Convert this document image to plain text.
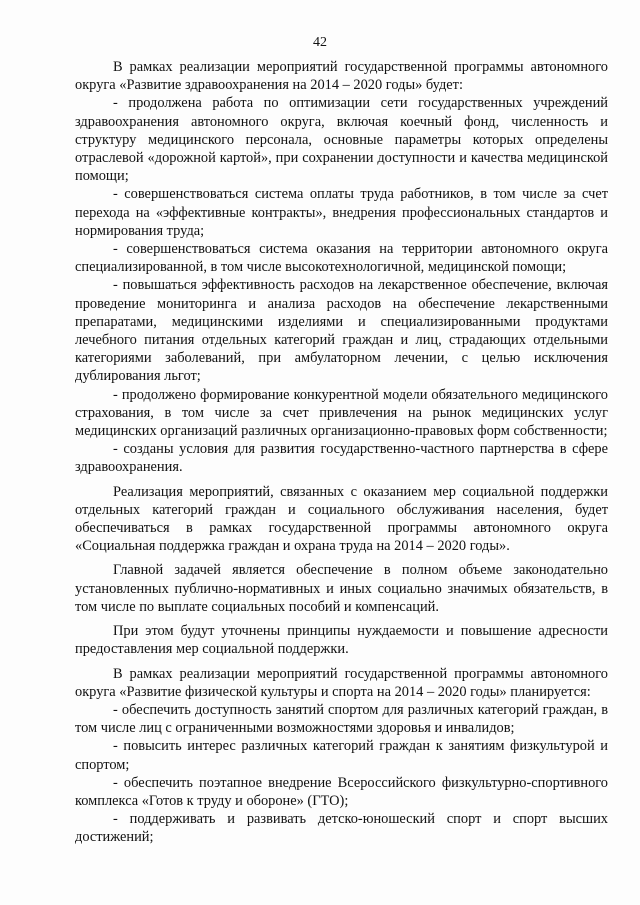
42

В рамках реализации мероприятий государственной программы автономного округа «Развитие здравоохранения на 2014 – 2020 годы» будет:

- продолжена работа по оптимизации сети государственных учреждений здравоохранения автономного округа, включая коечный фонд, численность и структуру медицинского персонала, основные параметры которых определены отраслевой «дорожной картой», при сохранении доступности и качества медицинской помощи;

- совершенствоваться система оплаты труда работников, в том числе за счет перехода на «эффективные контракты», внедрения профессиональных стандартов и нормирования труда;

- совершенствоваться система оказания на территории автономного округа специализированной, в том числе высокотехнологичной, медицинской помощи;

- повышаться эффективность расходов на лекарственное обеспечение, включая проведение мониторинга и анализа расходов на обеспечение лекарственными препаратами, медицинскими изделиями и специализированными продуктами лечебного питания отдельных категорий граждан и лиц, страдающих отдельными категориями заболеваний, при амбулаторном лечении, с целью исключения дублирования льгот;

- продолжено формирование конкурентной модели обязательного медицинского страхования, в том числе за счет привлечения на рынок медицинских услуг медицинских организаций различных организационно-правовых форм собственности;

- созданы условия для развития государственно-частного партнерства в сфере здравоохранения.

Реализация мероприятий, связанных с оказанием мер социальной поддержки отдельных категорий граждан и социального обслуживания населения, будет обеспечиваться в рамках государственной программы автономного округа «Социальная поддержка граждан и охрана труда на 2014 – 2020 годы».

Главной задачей является обеспечение в полном объеме законодательно установленных публично-нормативных и иных социально значимых обязательств, в том числе по выплате социальных пособий и компенсаций.

При этом будут уточнены принципы нуждаемости и повышение адресности предоставления мер социальной поддержки.

В рамках реализации мероприятий государственной программы автономного округа «Развитие физической культуры и спорта на 2014 – 2020 годы» планируется:

- обеспечить доступность занятий спортом для различных категорий граждан, в том числе лиц с ограниченными возможностями здоровья и инвалидов;

- повысить интерес различных категорий граждан к занятиям физкультурой и спортом;

- обеспечить поэтапное внедрение Всероссийского физкультурно-спортивного комплекса «Готов к труду и обороне» (ГТО);

- поддерживать и развивать детско-юношеский спорт и спорт высших достижений;
